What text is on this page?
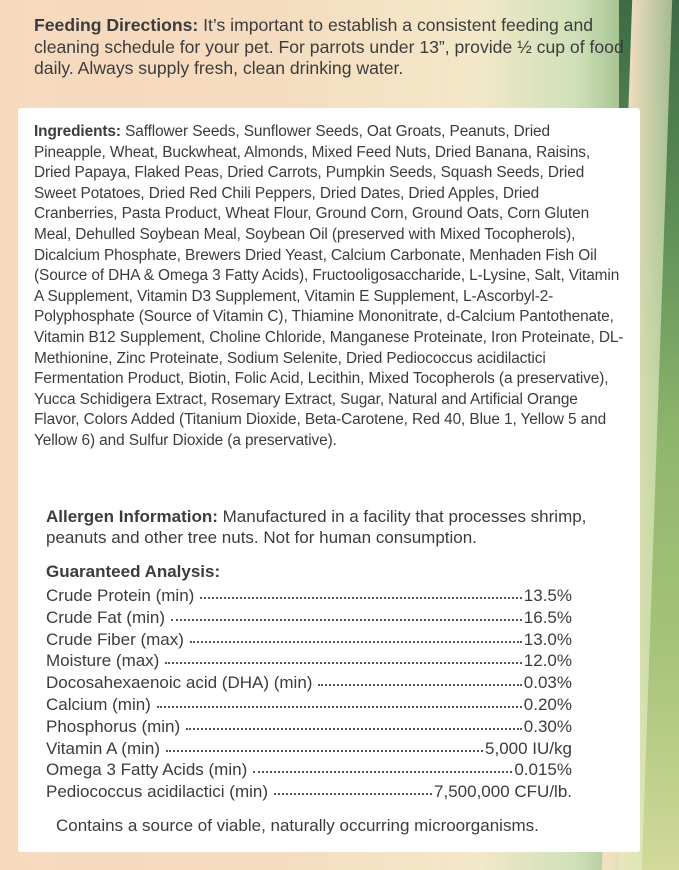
Feeding Directions: It’s important to establish a consistent feeding and cleaning schedule for your pet. For parrots under 13”, provide ½ cup of food daily. Always supply fresh, clean drinking water.
Ingredients: Safflower Seeds, Sunflower Seeds, Oat Groats, Peanuts, Dried Pineapple, Wheat, Buckwheat, Almonds, Mixed Feed Nuts, Dried Banana, Raisins, Dried Papaya, Flaked Peas, Dried Carrots, Pumpkin Seeds, Squash Seeds, Dried Sweet Potatoes, Dried Red Chili Peppers, Dried Dates, Dried Apples, Dried Cranberries, Pasta Product, Wheat Flour, Ground Corn, Ground Oats, Corn Gluten Meal, Dehulled Soybean Meal, Soybean Oil (preserved with Mixed Tocopherols), Dicalcium Phosphate, Brewers Dried Yeast, Calcium Carbonate, Menhaden Fish Oil (Source of DHA & Omega 3 Fatty Acids), Fructooligosaccharide, L-Lysine, Salt, Vitamin A Supplement, Vitamin D3 Supplement, Vitamin E Supplement, L-Ascorbyl-2-Polyphosphate (Source of Vitamin C), Thiamine Mononitrate, d-Calcium Pantothenate, Vitamin B12 Supplement, Choline Chloride, Manganese Proteinate, Iron Proteinate, DL-Methionine, Zinc Proteinate, Sodium Selenite, Dried Pediococcus acidilactici Fermentation Product, Biotin, Folic Acid, Lecithin, Mixed Tocopherols (a preservative), Yucca Schidigera Extract, Rosemary Extract, Sugar, Natural and Artificial Orange Flavor, Colors Added (Titanium Dioxide, Beta-Carotene, Red 40, Blue 1, Yellow 5 and Yellow 6) and Sulfur Dioxide (a preservative).
Allergen Information: Manufactured in a facility that processes shrimp, peanuts and other tree nuts. Not for human consumption.
Guaranteed Analysis:
Crude Protein (min)	13.5%
Crude Fat (min)	16.5%
Crude Fiber (max)	13.0%
Moisture (max)	12.0%
Docosahexaenoic acid (DHA) (min)	0.03%
Calcium (min)	0.20%
Phosphorus (min)	0.30%
Vitamin A (min)	5,000 IU/kg
Omega 3 Fatty Acids (min)	0.015%
Pediococcus acidilactici (min)	7,500,000 CFU/lb.
Contains a source of viable, naturally occurring microorganisms.
